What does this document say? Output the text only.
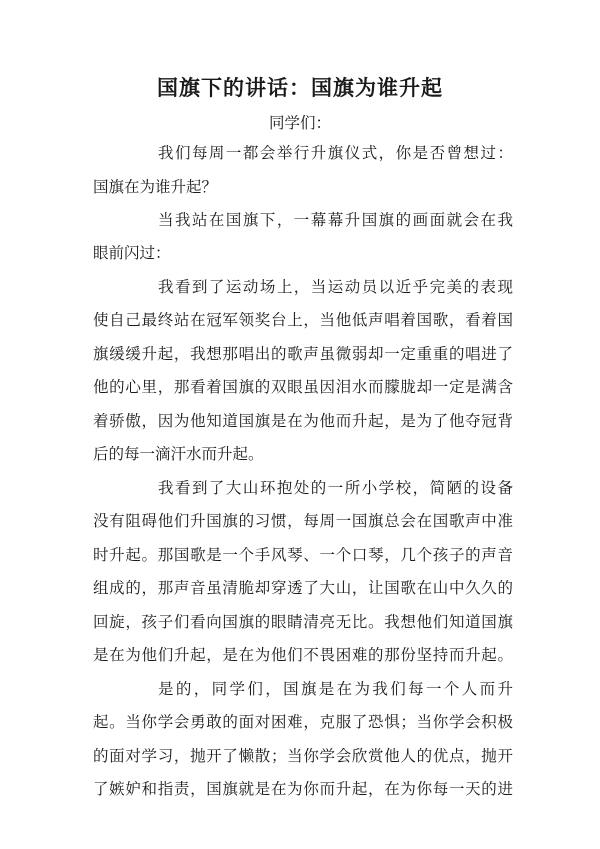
国旗下的讲话：国旗为谁升起

同学们：

我们每周一都会举行升旗仪式，你是否曾想过：

国旗在为谁升起？

当我站在国旗下，一幕幕升国旗的画面就会在我

眼前闪过：

我看到了运动场上，当运动员以近乎完美的表现

使自己最终站在冠军领奖台上，当他低声唱着国歌，看着国

旗缓缓升起，我想那唱出的歌声虽微弱却一定重重的唱进了

他的心里，那看着国旗的双眼虽因泪水而朦胧却一定是满含

着骄傲，因为他知道国旗是在为他而升起，是为了他夺冠背

后的每一滴汗水而升起。

我看到了大山环抱处的一所小学校，简陋的设备

没有阻碍他们升国旗的习惯，每周一国旗总会在国歌声中准

时升起。那国歌是一个手风琴、一个口琴，几个孩子的声音

组成的，那声音虽清脆却穿透了大山，让国歌在山中久久的

回旋，孩子们看向国旗的眼睛清亮无比。我想他们知道国旗

是在为他们升起，是在为他们不畏困难的那份坚持而升起。

是的，同学们，国旗是在为我们每一个人而升

起。当你学会勇敢的面对困难，克服了恐惧；当你学会积极

的面对学习，抛开了懒散；当你学会欣赏他人的优点，抛开

了嫉妒和指责，国旗就是在为你而升起，在为你每一天的进
